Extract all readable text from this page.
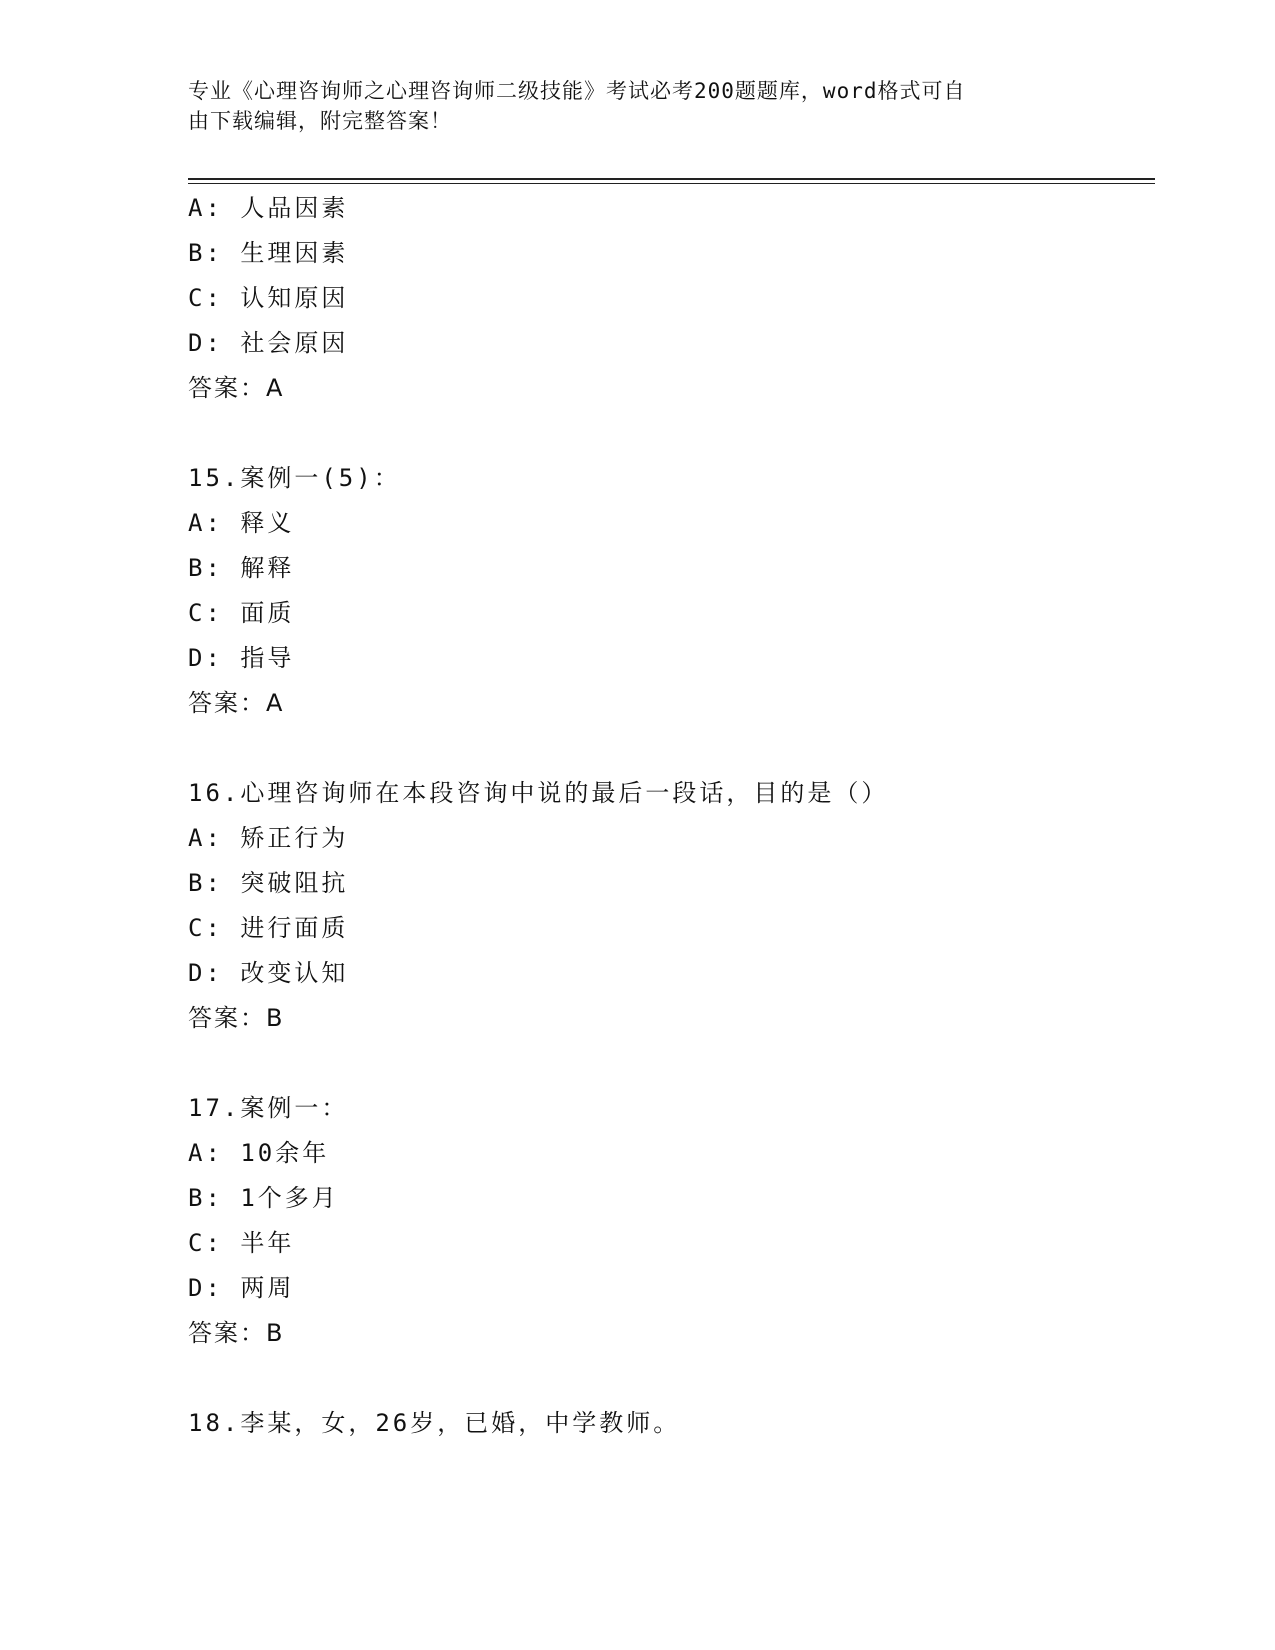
专业《心理咨询师之心理咨询师二级技能》考试必考200题题库，word格式可自
由下载编辑，附完整答案！
A: 人品因素
B: 生理因素
C: 认知原因
D: 社会原因
答案：A
15.案例一(5)：
A: 释义
B: 解释
C: 面质
D: 指导
答案：A
16.心理咨询师在本段咨询中说的最后一段话，目的是（）
A: 矫正行为
B: 突破阻抗
C: 进行面质
D: 改变认知
答案：B
17.案例一：
A: 10余年
B: 1个多月
C: 半年
D: 两周
答案：B
18.李某，女，26岁，已婚，中学教师。
